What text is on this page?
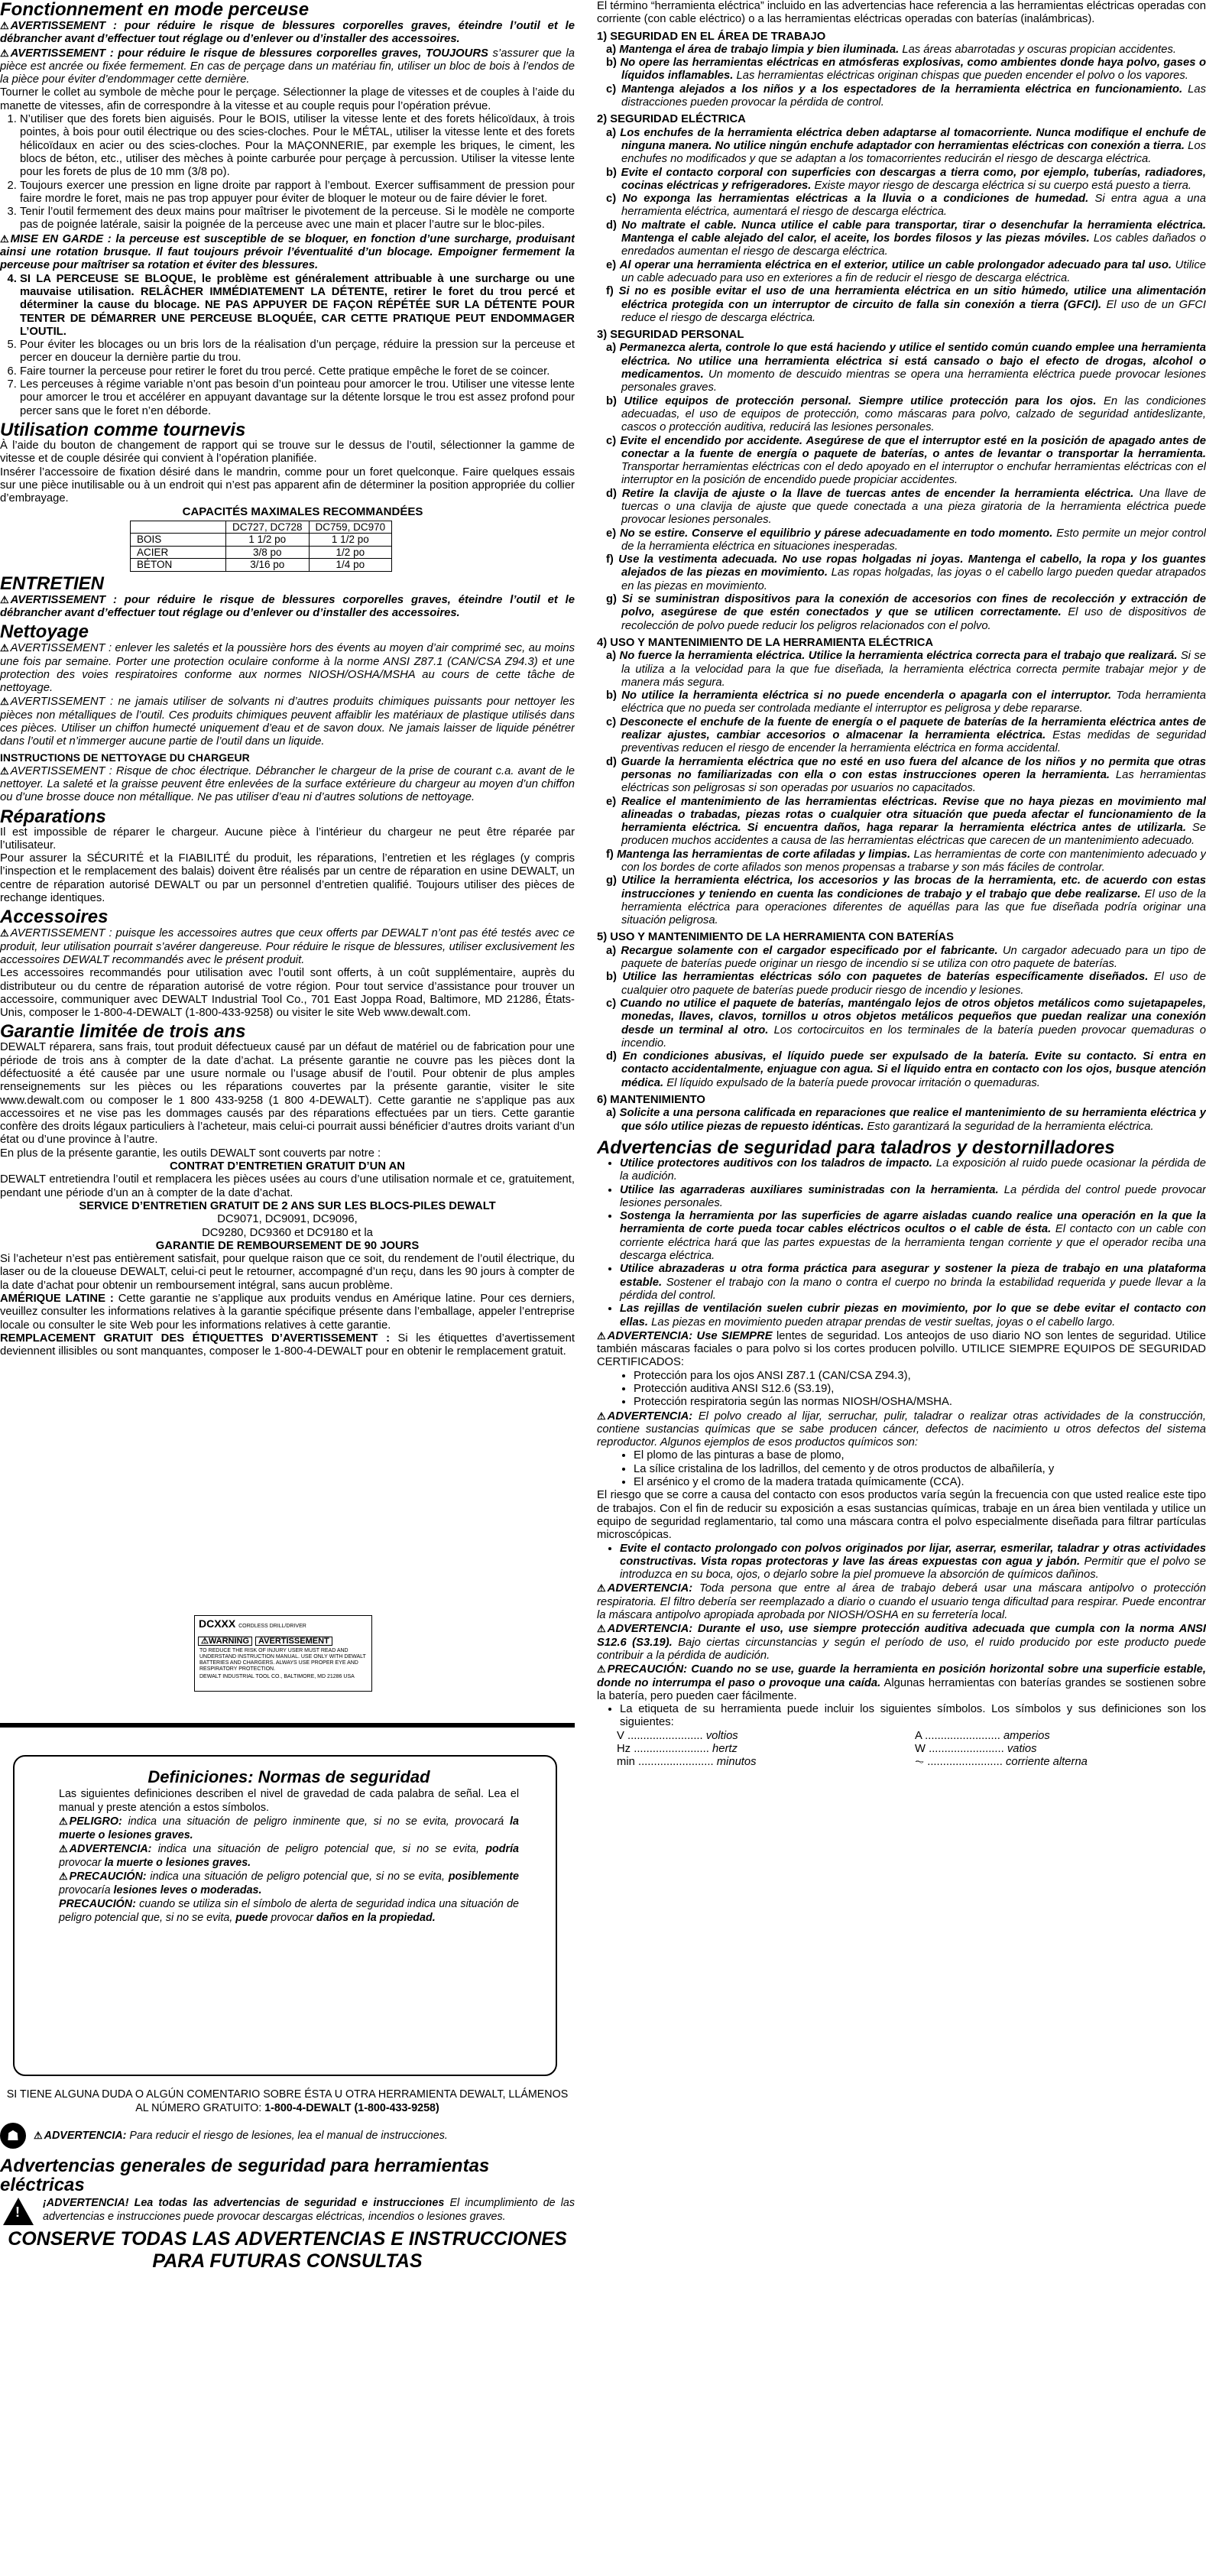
Fonctionnement en mode perceuse

⚠ AVERTISSEMENT : pour réduire le risque de blessures corporelles graves, éteindre l’outil et le débrancher avant d’effectuer tout réglage ou d’enlever ou d’installer des accessoires.

⚠ AVERTISSEMENT : pour réduire le risque de blessures corporelles graves, TOUJOURS s’assurer que la pièce est ancrée ou fixée fermement. En cas de perçage dans un matériau fin, utiliser un bloc de bois à l’endos de la pièce pour éviter d’endommager cette dernière.

Tourner le collet au symbole de mèche pour le perçage. Sélectionner la plage de vitesses et de couples à l’aide du manette de vitesses, afin de correspondre à la vitesse et au couple requis pour l’opération prévue.

1. N’utiliser que des forets bien aiguisés. Pour le BOIS, utiliser la vitesse lente et des forets hélicoïdaux, à trois pointes, à bois pour outil électrique ou des scies-cloches. Pour le MÉTAL, utiliser la vitesse lente et des forets hélicoïdaux en acier ou des scies-cloches. Pour la MAÇONNERIE, par exemple les briques, le ciment, les blocs de béton, etc., utiliser des mèches à pointe carburée pour perçage à percussion. Utiliser la vitesse lente pour les forets de plus de 10 mm (3/8 po).
2. Toujours exercer une pression en ligne droite par rapport à l’embout. Exercer suffisamment de pression pour faire mordre le foret, mais ne pas trop appuyer pour éviter de bloquer le moteur ou de faire dévier le foret.
3. Tenir l’outil fermement des deux mains pour maîtriser le pivotement de la perceuse. Si le modèle ne comporte pas de poignée latérale, saisir la poignée de la perceuse avec une main et placer l’autre sur le bloc-piles.

⚠ MISE EN GARDE : la perceuse est susceptible de se bloquer, en fonction d’une surcharge, produisant ainsi une rotation brusque. Il faut toujours prévoir l’éventualité d’un blocage. Empoigner fermement la perceuse pour maîtriser sa rotation et éviter des blessures.

4. SI LA PERCEUSE SE BLOQUE, le problème est généralement attribuable à une surcharge ou une mauvaise utilisation. RELÂCHER IMMÉDIATEMENT LA DÉTENTE, retirer le foret du trou percé et déterminer la cause du blocage. NE PAS APPUYER DE FAÇON RÉPÉTÉE SUR LA DÉTENTE POUR TENTER DE DÉMARRER UNE PERCEUSE BLOQUÉE, CAR CETTE PRATIQUE PEUT ENDOMMAGER L’OUTIL.
5. Pour éviter les blocages ou un bris lors de la réalisation d’un perçage, réduire la pression sur la perceuse et percer en douceur la dernière partie du trou.
6. Faire tourner la perceuse pour retirer le foret du trou percé. Cette pratique empêche le foret de se coincer.
7. Les perceuses à régime variable n’ont pas besoin d’un pointeau pour amorcer le trou. Utiliser une vitesse lente pour amorcer le trou et accélérer en appuyant davantage sur la détente lorsque le trou est assez profond pour percer sans que le foret n’en déborde.
Utilisation comme tournevis

À l’aide du bouton de changement de rapport qui se trouve sur le dessus de l’outil, sélectionner la gamme de vitesse et de couple désirée qui convient à l’opération planifiée.

Insérer l’accessoire de fixation désiré dans le mandrin, comme pour un foret quelconque. Faire quelques essais sur une pièce inutilisable ou à un endroit qui n’est pas apparent afin de déterminer la position appropriée du collier d’embrayage.

CAPACITÉS MAXIMALES RECOMMANDÉES
	DC727, DC728	DC759, DC970
BOIS	1 1/2 po	1 1/2 po
ACIER	3/8 po	1/2 po
BÉTON	3/16 po	1/4 po
ENTRETIEN

⚠ AVERTISSEMENT : pour réduire le risque de blessures corporelles graves, éteindre l’outil et le débrancher avant d’effectuer tout réglage ou d’enlever ou d’installer des accessoires.

Nettoyage

⚠ AVERTISSEMENT : enlever les saletés et la poussière hors des évents au moyen d’air comprimé sec, au moins une fois par semaine. Porter une protection oculaire conforme à la norme ANSI Z87.1 (CAN/CSA Z94.3) et une protection des voies respiratoires conforme aux normes NIOSH/OSHA/MSHA au cours de cette tâche de nettoyage.

⚠ AVERTISSEMENT : ne jamais utiliser de solvants ni d’autres produits chimiques puissants pour nettoyer les pièces non métalliques de l’outil. Ces produits chimiques peuvent affaiblir les matériaux de plastique utilisés dans ces pièces. Utiliser un chiffon humecté uniquement d’eau et de savon doux. Ne jamais laisser de liquide pénétrer dans l’outil et n’immerger aucune partie de l’outil dans un liquide.

INSTRUCTIONS DE NETTOYAGE DU CHARGEUR

⚠ AVERTISSEMENT : Risque de choc électrique. Débrancher le chargeur de la prise de courant c.a. avant de le nettoyer. La saleté et la graisse peuvent être enlevées de la surface extérieure du chargeur au moyen d’un chiffon ou d’une brosse douce non métallique. Ne pas utiliser d’eau ni d’autres solutions de nettoyage.

Réparations

Il est impossible de réparer le chargeur. Aucune pièce à l’intérieur du chargeur ne peut être réparée par l’utilisateur.

Pour assurer la SÉCURITÉ et la FIABILITÉ du produit, les réparations, l’entretien et les réglages (y compris l’inspection et le remplacement des balais) doivent être réalisés par un centre de réparation en usine DEWALT, un centre de réparation autorisé DEWALT ou par un personnel d’entretien qualifié. Toujours utiliser des pièces de rechange identiques.

Accessoires

⚠ AVERTISSEMENT : puisque les accessoires autres que ceux offerts par DEWALT n’ont pas été testés avec ce produit, leur utilisation pourrait s’avérer dangereuse. Pour réduire le risque de blessures, utiliser exclusivement les accessoires DEWALT recommandés avec le présent produit.

Les accessoires recommandés pour utilisation avec l’outil sont offerts, à un coût supplémentaire, auprès du distributeur ou du centre de réparation autorisé de votre région. Pour tout service d’assistance pour trouver un accessoire, communiquer avec DEWALT Industrial Tool Co., 701 East Joppa Road, Baltimore, MD 21286, États-Unis, composer le 1-800-4-DEWALT (1-800-433-9258) ou visiter le site Web www.dewalt.com.

Garantie limitée de trois ans

DEWALT réparera, sans frais, tout produit défectueux causé par un défaut de matériel ou de fabrication pour une période de trois ans à compter de la date d’achat. La présente garantie ne couvre pas les pièces dont la défectuosité a été causée par une usure normale ou l’usage abusif de l’outil. Pour obtenir de plus amples renseignements sur les pièces ou les réparations couvertes par la présente garantie, visiter le site www.dewalt.com ou composer le 1 800 433-9258 (1 800 4-DEWALT). Cette garantie ne s’applique pas aux accessoires et ne vise pas les dommages causés par des réparations effectuées par un tiers. Cette garantie confère des droits légaux particuliers à l’acheteur, mais celui-ci pourrait aussi bénéficier d’autres droits variant d’un état ou d’une province à l’autre.

En plus de la présente garantie, les outils DEWALT sont couverts par notre :

CONTRAT D’ENTRETIEN GRATUIT D’UN AN

DEWALT entretiendra l’outil et remplacera les pièces usées au cours d’une utilisation normale et ce, gratuitement, pendant une période d’un an à compter de la date d’achat.

SERVICE D’ENTRETIEN GRATUIT DE 2 ANS SUR LES BLOCS-PILES DEWALT

DC9071, DC9091, DC9096,

DC9280, DC9360 et DC9180 et la

GARANTIE DE REMBOURSEMENT DE 90 JOURS

Si l’acheteur n’est pas entièrement satisfait, pour quelque raison que ce soit, du rendement de l’outil électrique, du laser ou de la cloueuse DEWALT, celui-ci peut le retourner, accompagné d’un reçu, dans les 90 jours à compter de la date d’achat pour obtenir un remboursement intégral, sans aucun problème.

AMÉRIQUE LATINE : Cette garantie ne s’applique aux produits vendus en Amérique latine. Pour ces derniers, veuillez consulter les informations relatives à la garantie spécifique présente dans l’emballage, appeler l’entreprise locale ou consulter le site Web pour les informations relatives à cette garantie.

REMPLACEMENT GRATUIT DES ÉTIQUETTES D’AVERTISSEMENT : Si les étiquettes d’avertissement deviennent illisibles ou sont manquantes, composer le 1-800-4-DEWALT pour en obtenir le remplacement gratuit.

DCXXX CORDLESS DRILL/DRIVER
⚠WARNING	AVERTISSEMENT
TO REDUCE THE RISK OF INJURY USER MUST READ AND UNDERSTAND INSTRUCTION MANUAL. USE ONLY WITH DEWALT BATTERIES AND CHARGERS. ALWAYS USE PROPER EYE AND RESPIRATORY PROTECTION.
DEWALT INDUSTRIAL TOOL CO., BALTIMORE, MD 21286 USA
Definiciones: Normas de seguridad

Las siguientes definiciones describen el nivel de gravedad de cada palabra de señal. Lea el manual y preste atención a estos símbolos.

⚠ PELIGRO: indica una situación de peligro inminente que, si no se evita, provocará la muerte o lesiones graves.

⚠ ADVERTENCIA: indica una situación de peligro potencial que, si no se evita, podría provocar la muerte o lesiones graves.

⚠ PRECAUCIÓN: indica una situación de peligro potencial que, si no se evita, posiblemente provocaría lesiones leves o moderadas.

PRECAUCIÓN: cuando se utiliza sin el símbolo de alerta de seguridad indica una situación de peligro potencial que, si no se evita, puede provocar daños en la propiedad.

SI TIENE ALGUNA DUDA O ALGÚN COMENTARIO SOBRE ÉSTA U OTRA HERRAMIENTA DEWALT, LLÁMENOS AL NÚMERO GRATUITO: 1-800-4-DEWALT (1-800-433-9258)

☗ ⚠ ADVERTENCIA: Para reducir el riesgo de lesiones, lea el manual de instrucciones.

Advertencias generales de seguridad para herramientas eléctricas
!

¡ADVERTENCIA! Lea todas las advertencias de seguridad e instrucciones El incumplimiento de las advertencias e instrucciones puede provocar descargas eléctricas, incendios o lesiones graves.

CONSERVE TODAS LAS ADVERTENCIAS E INSTRUCCIONES PARA FUTURAS CONSULTAS

El término “herramienta eléctrica” incluido en las advertencias hace referencia a las herramientas eléctricas operadas con corriente (con cable eléctrico) o a las herramientas eléctricas operadas con baterías (inalámbricas).

1) SEGURIDAD EN EL ÁREA DE TRABAJO
a) Mantenga el área de trabajo limpia y bien iluminada. Las áreas abarrotadas y oscuras propician accidentes.
b) No opere las herramientas eléctricas en atmósferas explosivas, como ambientes donde haya polvo, gases o líquidos inflamables. Las herramientas eléctricas originan chispas que pueden encender el polvo o los vapores.
c) Mantenga alejados a los niños y a los espectadores de la herramienta eléctrica en funcionamiento. Las distracciones pueden provocar la pérdida de control.
2) SEGURIDAD ELÉCTRICA
a) Los enchufes de la herramienta eléctrica deben adaptarse al tomacorriente. Nunca modifique el enchufe de ninguna manera. No utilice ningún enchufe adaptador con herramientas eléctricas con conexión a tierra. Los enchufes no modificados y que se adaptan a los tomacorrientes reducirán el riesgo de descarga eléctrica.
b) Evite el contacto corporal con superficies con descargas a tierra como, por ejemplo, tuberías, radiadores, cocinas eléctricas y refrigeradores. Existe mayor riesgo de descarga eléctrica si su cuerpo está puesto a tierra.
c) No exponga las herramientas eléctricas a la lluvia o a condiciones de humedad. Si entra agua a una herramienta eléctrica, aumentará el riesgo de descarga eléctrica.
d) No maltrate el cable. Nunca utilice el cable para transportar, tirar o desenchufar la herramienta eléctrica. Mantenga el cable alejado del calor, el aceite, los bordes filosos y las piezas móviles. Los cables dañados o enredados aumentan el riesgo de descarga eléctrica.
e) Al operar una herramienta eléctrica en el exterior, utilice un cable prolongador adecuado para tal uso. Utilice un cable adecuado para uso en exteriores a fin de reducir el riesgo de descarga eléctrica.
f) Si no es posible evitar el uso de una herramienta eléctrica en un sitio húmedo, utilice una alimentación eléctrica protegida con un interruptor de circuito de falla sin conexión a tierra (GFCI). El uso de un GFCI reduce el riesgo de descarga eléctrica.
3) SEGURIDAD PERSONAL
a) Permanezca alerta, controle lo que está haciendo y utilice el sentido común cuando emplee una herramienta eléctrica. No utilice una herramienta eléctrica si está cansado o bajo el efecto de drogas, alcohol o medicamentos. Un momento de descuido mientras se opera una herramienta eléctrica puede provocar lesiones personales graves.
b) Utilice equipos de protección personal. Siempre utilice protección para los ojos. En las condiciones adecuadas, el uso de equipos de protección, como máscaras para polvo, calzado de seguridad antideslizante, cascos o protección auditiva, reducirá las lesiones personales.
c) Evite el encendido por accidente. Asegúrese de que el interruptor esté en la posición de apagado antes de conectar a la fuente de energía o paquete de baterías, o antes de levantar o transportar la herramienta. Transportar herramientas eléctricas con el dedo apoyado en el interruptor o enchufar herramientas eléctricas con el interruptor en la posición de encendido puede propiciar accidentes.
d) Retire la clavija de ajuste o la llave de tuercas antes de encender la herramienta eléctrica. Una llave de tuercas o una clavija de ajuste que quede conectada a una pieza giratoria de la herramienta eléctrica puede provocar lesiones personales.
e) No se estire. Conserve el equilibrio y párese adecuadamente en todo momento. Esto permite un mejor control de la herramienta eléctrica en situaciones inesperadas.
f) Use la vestimenta adecuada. No use ropas holgadas ni joyas. Mantenga el cabello, la ropa y los guantes alejados de las piezas en movimiento. Las ropas holgadas, las joyas o el cabello largo pueden quedar atrapados en las piezas en movimiento.
g) Si se suministran dispositivos para la conexión de accesorios con fines de recolección y extracción de polvo, asegúrese de que estén conectados y que se utilicen correctamente. El uso de dispositivos de recolección de polvo puede reducir los peligros relacionados con el polvo.
4) USO Y MANTENIMIENTO DE LA HERRAMIENTA ELÉCTRICA
a) No fuerce la herramienta eléctrica. Utilice la herramienta eléctrica correcta para el trabajo que realizará. Si se la utiliza a la velocidad para la que fue diseñada, la herramienta eléctrica correcta permite trabajar mejor y de manera más segura.
b) No utilice la herramienta eléctrica si no puede encenderla o apagarla con el interruptor. Toda herramienta eléctrica que no pueda ser controlada mediante el interruptor es peligrosa y debe repararse.
c) Desconecte el enchufe de la fuente de energía o el paquete de baterías de la herramienta eléctrica antes de realizar ajustes, cambiar accesorios o almacenar la herramienta eléctrica. Estas medidas de seguridad preventivas reducen el riesgo de encender la herramienta eléctrica en forma accidental.
d) Guarde la herramienta eléctrica que no esté en uso fuera del alcance de los niños y no permita que otras personas no familiarizadas con ella o con estas instrucciones operen la herramienta. Las herramientas eléctricas son peligrosas si son operadas por usuarios no capacitados.
e) Realice el mantenimiento de las herramientas eléctricas. Revise que no haya piezas en movimiento mal alineadas o trabadas, piezas rotas o cualquier otra situación que pueda afectar el funcionamiento de la herramienta eléctrica. Si encuentra daños, haga reparar la herramienta eléctrica antes de utilizarla. Se producen muchos accidentes a causa de las herramientas eléctricas que carecen de un mantenimiento adecuado.
f) Mantenga las herramientas de corte afiladas y limpias. Las herramientas de corte con mantenimiento adecuado y con los bordes de corte afilados son menos propensas a trabarse y son más fáciles de controlar.
g) Utilice la herramienta eléctrica, los accesorios y las brocas de la herramienta, etc. de acuerdo con estas instrucciones y teniendo en cuenta las condiciones de trabajo y el trabajo que debe realizarse. El uso de la herramienta eléctrica para operaciones diferentes de aquéllas para las que fue diseñada podría originar una situación peligrosa.
5) USO Y MANTENIMIENTO DE LA HERRAMIENTA CON BATERÍAS
a) Recargue solamente con el cargador especificado por el fabricante. Un cargador adecuado para un tipo de paquete de baterías puede originar un riesgo de incendio si se utiliza con otro paquete de baterías.
b) Utilice las herramientas eléctricas sólo con paquetes de baterías específicamente diseñados. El uso de cualquier otro paquete de baterías puede producir riesgo de incendio y lesiones.
c) Cuando no utilice el paquete de baterías, manténgalo lejos de otros objetos metálicos como sujetapapeles, monedas, llaves, clavos, tornillos u otros objetos metálicos pequeños que puedan realizar una conexión desde un terminal al otro. Los cortocircuitos en los terminales de la batería pueden provocar quemaduras o incendio.
d) En condiciones abusivas, el líquido puede ser expulsado de la batería. Evite su contacto. Si entra en contacto accidentalmente, enjuague con agua. Si el líquido entra en contacto con los ojos, busque atención médica. El líquido expulsado de la batería puede provocar irritación o quemaduras.
6) MANTENIMIENTO
a) Solicite a una persona calificada en reparaciones que realice el mantenimiento de su herramienta eléctrica y que sólo utilice piezas de repuesto idénticas. Esto garantizará la seguridad de la herramienta eléctrica.
Advertencias de seguridad para taladros y destornilladores
• Utilice protectores auditivos con los taladros de impacto. La exposición al ruido puede ocasionar la pérdida de la audición.
• Utilice las agarraderas auxiliares suministradas con la herramienta. La pérdida del control puede provocar lesiones personales.
• Sostenga la herramienta por las superficies de agarre aisladas cuando realice una operación en la que la herramienta de corte pueda tocar cables eléctricos ocultos o el cable de ésta. El contacto con un cable con corriente eléctrica hará que las partes expuestas de la herramienta tengan corriente y que el operador reciba una descarga eléctrica.
• Utilice abrazaderas u otra forma práctica para asegurar y sostener la pieza de trabajo en una plataforma estable. Sostener el trabajo con la mano o contra el cuerpo no brinda la estabilidad requerida y puede llevar a la pérdida del control.
• Las rejillas de ventilación suelen cubrir piezas en movimiento, por lo que se debe evitar el contacto con ellas. Las piezas en movimiento pueden atrapar prendas de vestir sueltas, joyas o el cabello largo.

⚠ ADVERTENCIA: Use SIEMPRE lentes de seguridad. Los anteojos de uso diario NO son lentes de seguridad. Utilice también máscaras faciales o para polvo si los cortes producen polvillo. UTILICE SIEMPRE EQUIPOS DE SEGURIDAD CERTIFICADOS:

• Protección para los ojos ANSI Z87.1 (CAN/CSA Z94.3),
• Protección auditiva ANSI S12.6 (S3.19),
• Protección respiratoria según las normas NIOSH/OSHA/MSHA.

⚠ ADVERTENCIA: El polvo creado al lijar, serruchar, pulir, taladrar o realizar otras actividades de la construcción, contiene sustancias químicas que se sabe producen cáncer, defectos de nacimiento u otros defectos del sistema reproductor. Algunos ejemplos de esos productos químicos son:

• El plomo de las pinturas a base de plomo,
• La sílice cristalina de los ladrillos, del cemento y de otros productos de albañilería, y
• El arsénico y el cromo de la madera tratada químicamente (CCA).

El riesgo que se corre a causa del contacto con esos productos varía según la frecuencia con que usted realice este tipo de trabajos. Con el fin de reducir su exposición a esas sustancias químicas, trabaje en un área bien ventilada y utilice un equipo de seguridad reglamentario, tal como una máscara contra el polvo especialmente diseñada para filtrar partículas microscópicas.

• Evite el contacto prolongado con polvos originados por lijar, aserrar, esmerilar, taladrar y otras actividades constructivas. Vista ropas protectoras y lave las áreas expuestas con agua y jabón. Permitir que el polvo se introduzca en su boca, ojos, o dejarlo sobre la piel promueve la absorción de químicos dañinos.

⚠ ADVERTENCIA: Toda persona que entre al área de trabajo deberá usar una máscara antipolvo o protección respiratoria. El filtro debería ser reemplazado a diario o cuando el usuario tenga dificultad para respirar. Puede encontrar la máscara antipolvo apropiada aprobada por NIOSH/OSHA en su ferretería local.

⚠ ADVERTENCIA: Durante el uso, use siempre protección auditiva adecuada que cumpla con la norma ANSI S12.6 (S3.19). Bajo ciertas circunstancias y según el período de uso, el ruido producido por este producto puede contribuir a la pérdida de audición.

⚠ PRECAUCIÓN: Cuando no se use, guarde la herramienta en posición horizontal sobre una superficie estable, donde no interrumpa el paso o provoque una caída. Algunas herramientas con baterías grandes se sostienen sobre la batería, pero pueden caer fácilmente.

• La etiqueta de su herramienta puede incluir los siguientes símbolos. Los símbolos y sus definiciones son los siguientes:
V ........................ voltios	A ........................ amperios
Hz ........................ hertz	W ........................ vatios
min ........................ minutos	⏦ ........................ corriente alterna
